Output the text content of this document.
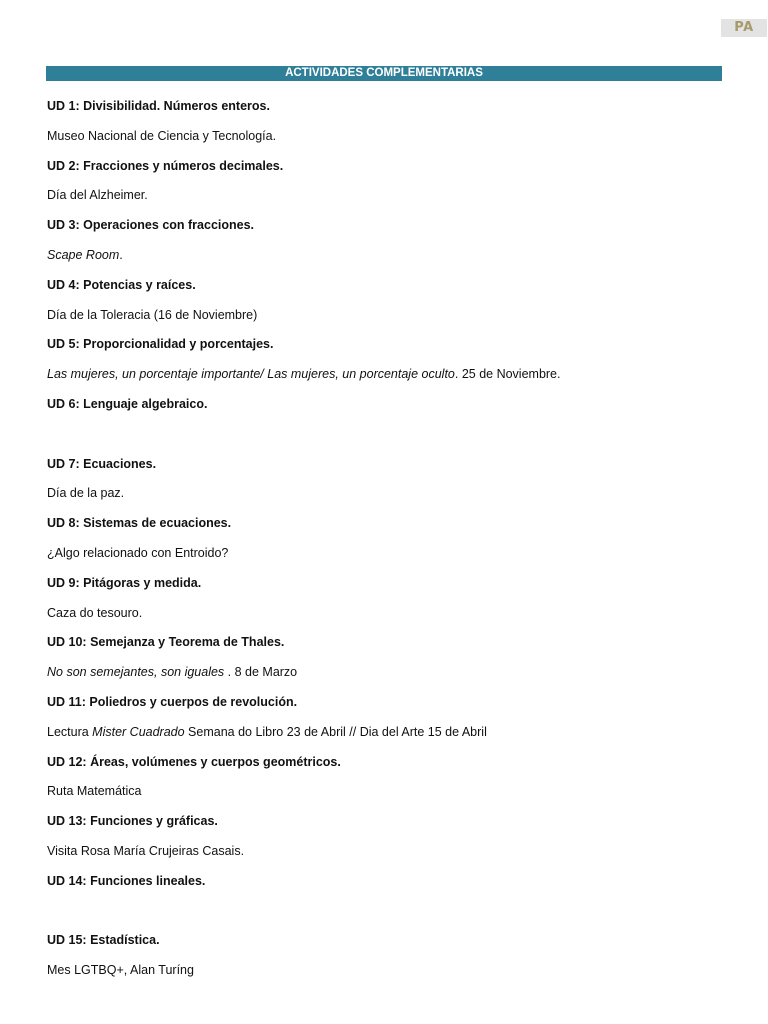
PA
ACTIVIDADES COMPLEMENTARIAS
UD 1: Divisibilidad. Números enteros.
Museo Nacional de Ciencia y Tecnología.
UD 2: Fracciones y números decimales.
Día del Alzheimer.
UD 3: Operaciones con fracciones.
Scape Room.
UD 4: Potencias y raíces.
Día de la Toleracia (16 de Noviembre)
UD 5: Proporcionalidad y porcentajes.
Las mujeres, un porcentaje importante/ Las mujeres, un porcentaje oculto. 25 de Noviembre.
UD 6: Lenguaje algebraico.
UD 7: Ecuaciones.
Día de la paz.
UD 8: Sistemas de ecuaciones.
¿Algo relacionado con Entroido?
UD 9: Pitágoras y medida.
Caza do tesouro.
UD 10: Semejanza y Teorema de Thales.
No son semejantes, son iguales . 8 de Marzo
UD 11: Poliedros y cuerpos de revolución.
Lectura Mister Cuadrado Semana do Libro 23 de Abril // Dia del Arte 15 de Abril
UD 12: Áreas, volúmenes y cuerpos geométricos.
Ruta Matemática
UD 13: Funciones y gráficas.
Visita Rosa María Crujeiras Casais.
UD 14: Funciones lineales.
UD 15: Estadística.
Mes LGTBQ+, Alan Turíng
